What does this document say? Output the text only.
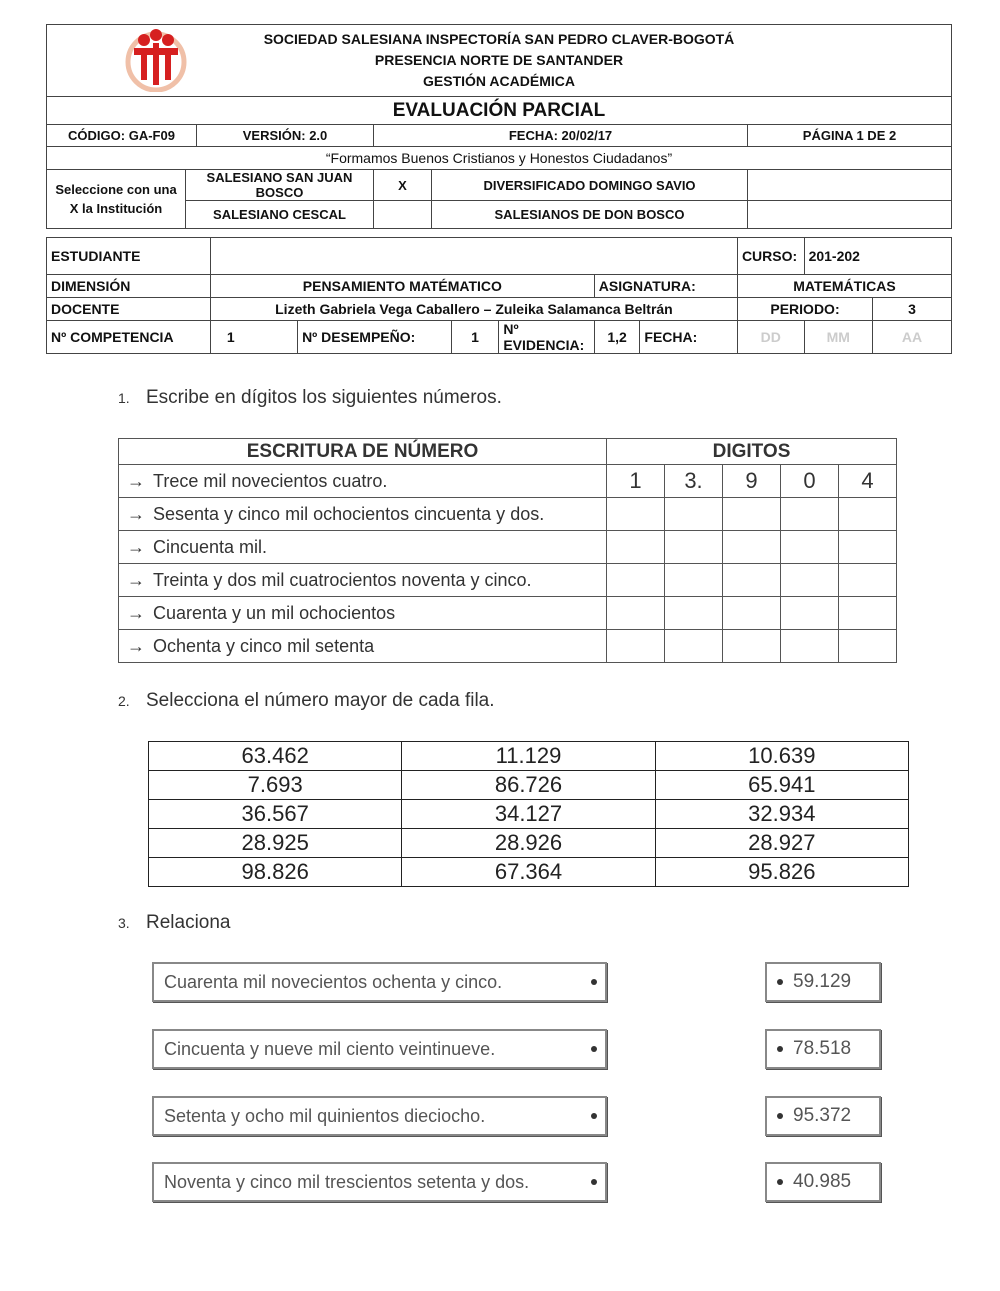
SOCIEDAD SALESIANA INSPECTORÍA SAN PEDRO CLAVER-BOGOTÁ
PRESENCIA NORTE DE SANTANDER
GESTIÓN ACADÉMICA					

EVALUACIÓN PARCIAL					
CÓDIGO: GA-F09		VERSIÓN: 2.0	FECHA: 20/02/17		PÁGINA 1 DE 2
“Formamos Buenos Cristianos y Honestos Ciudadanos”					
Seleccione con una X la Institución	SALESIANO SAN JUAN BOSCO		X	DIVERSIFICADO DOMINGO SAVIO	
	SALESIANO CESCAL			SALESIANOS DE DON BOSCO	
ESTUDIANTE							CURSO:	201-202	
DIMENSIÓN	PENSAMIENTO MATÉMATICO				ASIGNATURA:		MATEMÁTICAS		
DOCENTE	Lizeth Gabriela Vega Caballero – Zuleika Salamanca Beltrán						PERIODO:		3
Nº COMPETENCIA	1	Nº DESEMPEÑO:	1	Nº EVIDENCIA:	1,2	FECHA:	DD	MM	AA
1. Escribe en dígitos los siguientes números.
ESCRITURA DE NÚMERO	DIGITOS				
→ Trece mil novecientos cuatro.	1	3.	9	0	4
→ Sesenta y cinco mil ochocientos cincuenta y dos.					
→ Cincuenta mil.					
→ Treinta y dos mil cuatrocientos noventa y cinco.					
→ Cuarenta y un mil ochocientos					
→ Ochenta y cinco mil setenta					
2. Selecciona el número mayor de cada fila.
63.462	11.129	10.639
7.693	86.726	65.941
36.567	34.127	32.934
28.925	28.926	28.927
98.826	67.364	95.826
3. Relaciona
Cuarenta mil novecientos ochenta y cinco.	59.129
Cincuenta y nueve mil ciento veintinueve.	78.518
Setenta y ocho mil quinientos dieciocho.	95.372
Noventa y cinco mil trescientos setenta y dos.	40.985
